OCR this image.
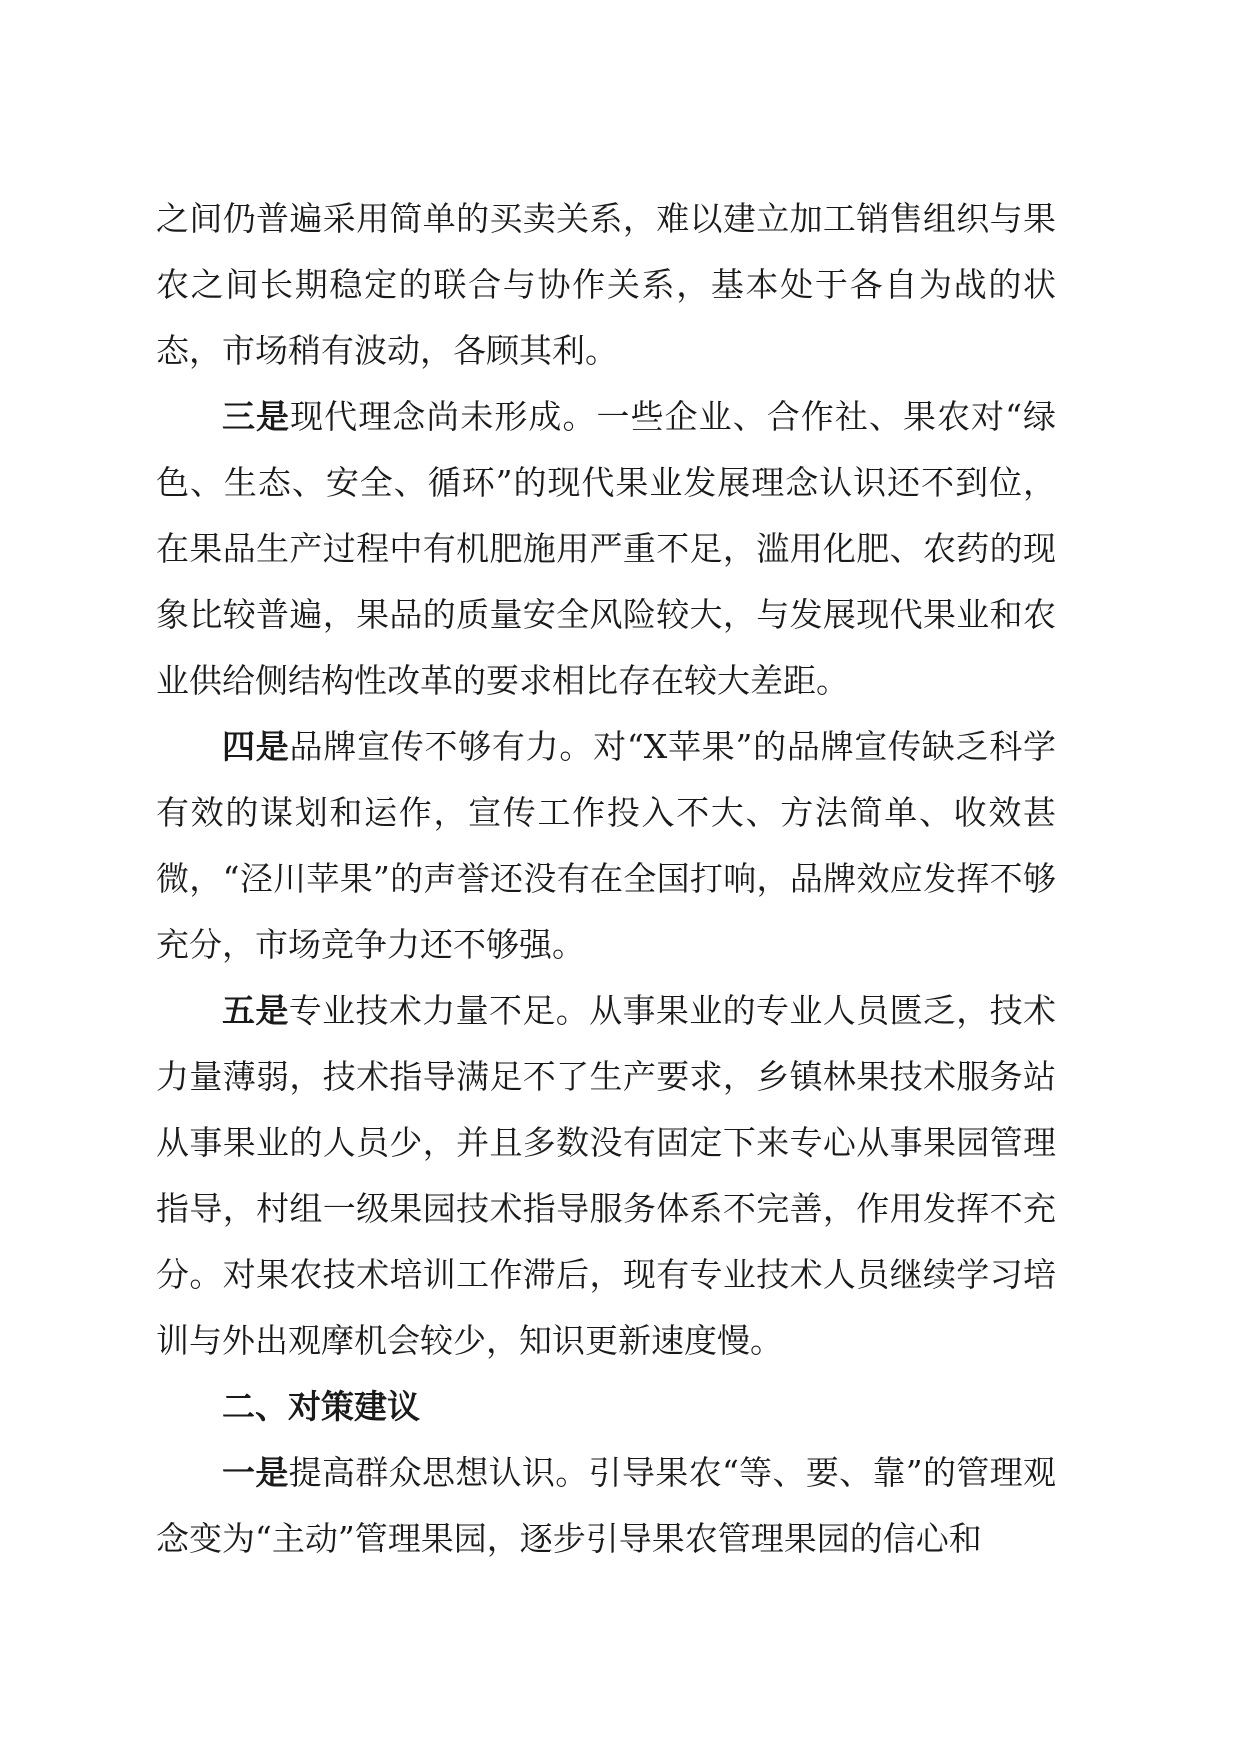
之间仍普遍采用简单的买卖关系，难以建立加工销售组织与果农之间长期稳定的联合与协作关系，基本处于各自为战的状态，市场稍有波动，各顾其利。

三是现代理念尚未形成。一些企业、合作社、果农对“绿色、生态、安全、循环”的现代果业发展理念认识还不到位，在果品生产过程中有机肥施用严重不足，滥用化肥、农药的现象比较普遍，果品的质量安全风险较大，与发展现代果业和农业供给侧结构性改革的要求相比存在较大差距。

四是品牌宣传不够有力。对“X苹果”的品牌宣传缺乏科学有效的谋划和运作，宣传工作投入不大、方法简单、收效甚微，“泾川苹果”的声誉还没有在全国打响，品牌效应发挥不够充分，市场竞争力还不够强。

五是专业技术力量不足。从事果业的专业人员匮乏，技术力量薄弱，技术指导满足不了生产要求，乡镇林果技术服务站从事果业的人员少，并且多数没有固定下来专心从事果园管理指导，村组一级果园技术指导服务体系不完善，作用发挥不充分。对果农技术培训工作滞后，现有专业技术人员继续学习培训与外出观摩机会较少，知识更新速度慢。

二、对策建议

一是提高群众思想认识。引导果农“等、要、靠”的管理观念变为“主动”管理果园，逐步引导果农管理果园的信心和
